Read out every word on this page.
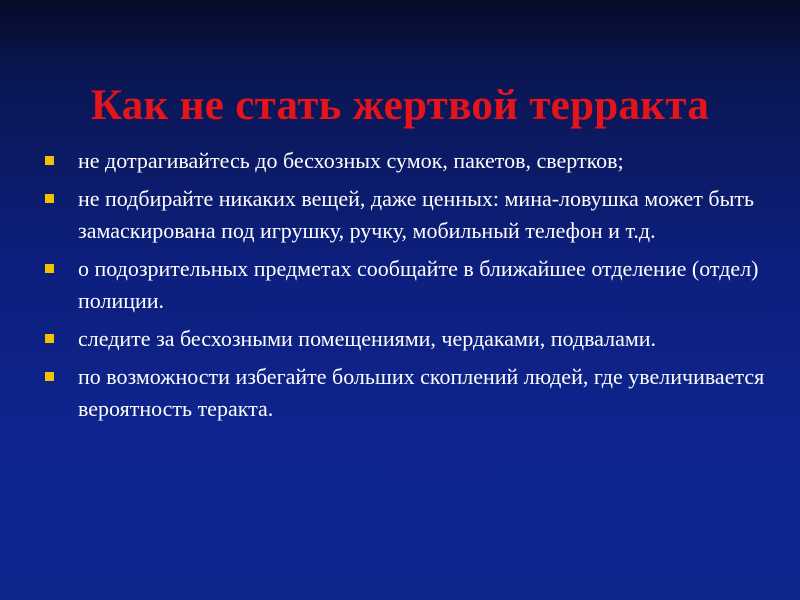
Как не стать жертвой терракта
не дотрагивайтесь до бесхозных сумок, пакетов, свертков;
не подбирайте никаких вещей, даже ценных: мина-ловушка может быть замаскирована под игрушку, ручку, мобильный телефон и т.д.
о подозрительных предметах сообщайте в ближайшее отделение (отдел) полиции.
следите за бесхозными помещениями, чердаками, подвалами.
по возможности избегайте больших скоплений людей, где увеличивается вероятность теракта.
